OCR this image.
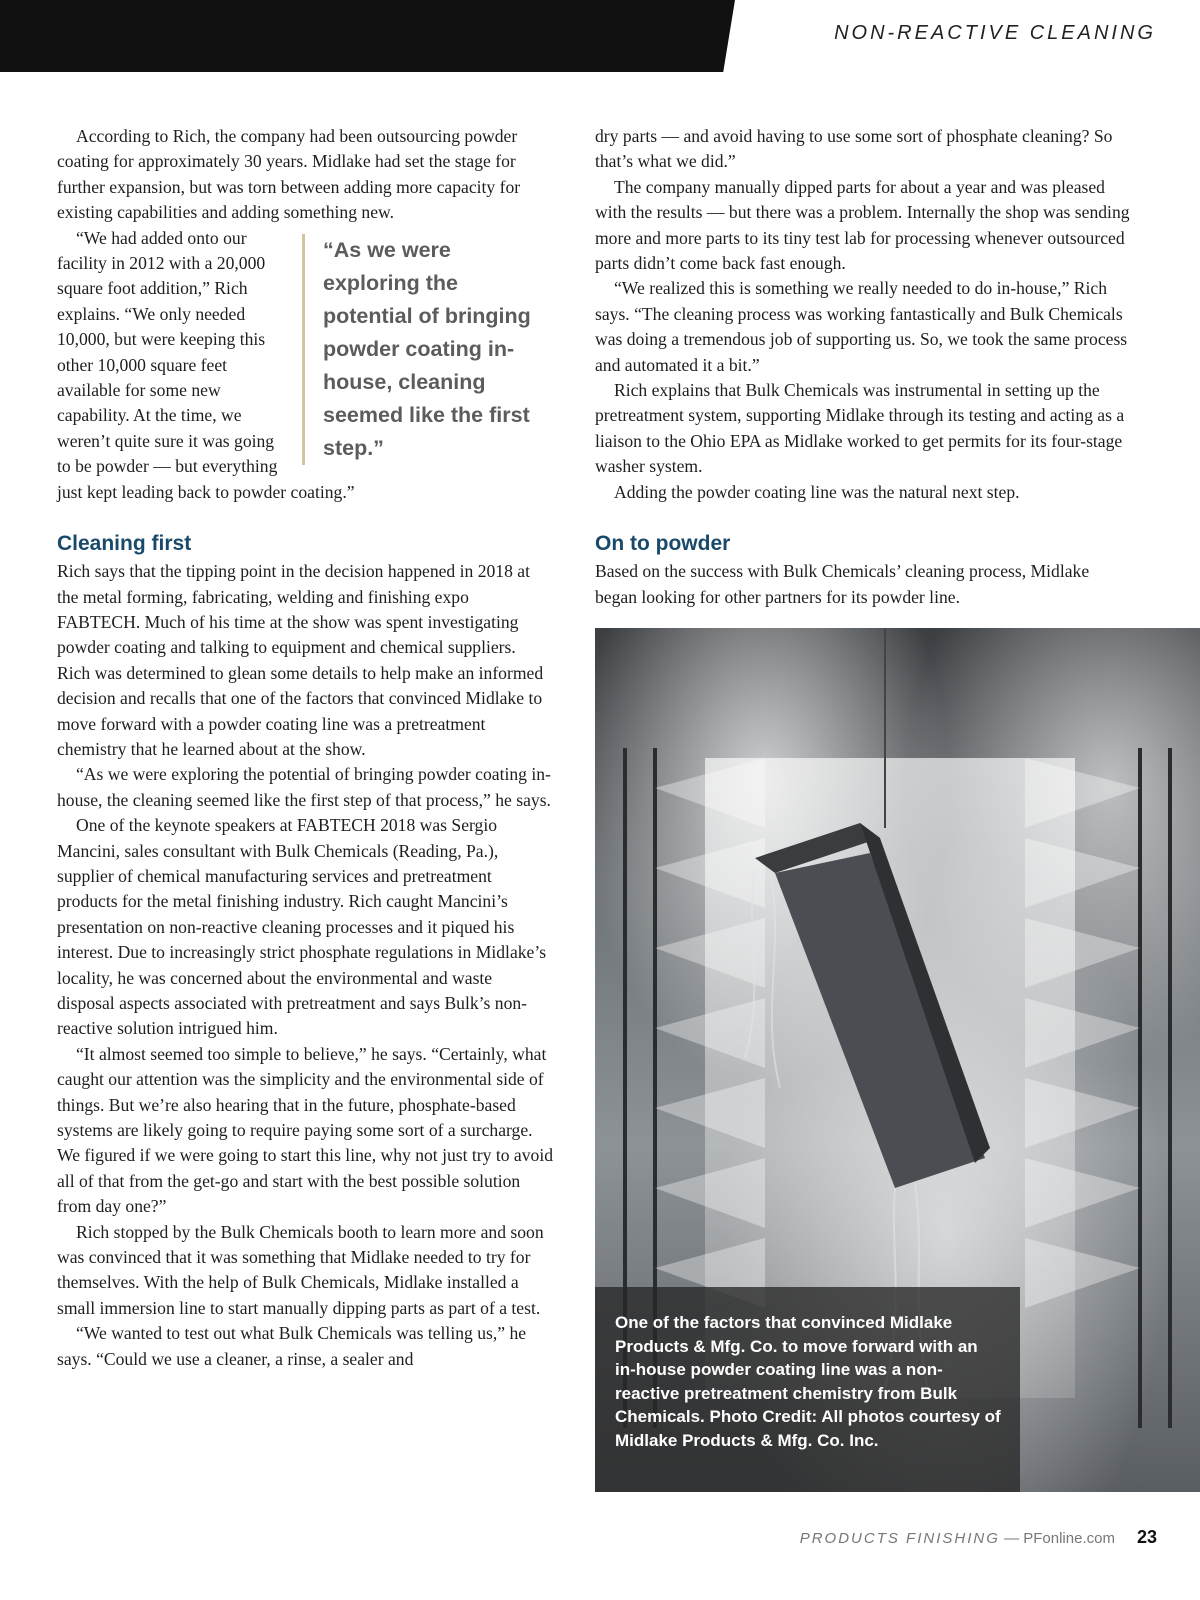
NON-REACTIVE CLEANING

According to Rich, the company had been outsourcing powder coating for approximately 30 years. Midlake had set the stage for further expansion, but was torn between adding more capacity for existing capabilities and adding something new.

“As we were exploring the potential of bringing powder coating in-house, cleaning seemed like the first step.”

“We had added onto our facility in 2012 with a 20,000 square foot addition,” Rich explains. “We only needed 10,000, but were keeping this other 10,000 square feet available for some new capability. At the time, we weren’t quite sure it was going to be powder — but everything just kept leading back to powder coating.”

Cleaning first

Rich says that the tipping point in the decision happened in 2018 at the metal forming, fabricating, welding and finishing expo FABTECH. Much of his time at the show was spent investigating powder coating and talking to equipment and chemical suppliers. Rich was determined to glean some details to help make an informed decision and recalls that one of the factors that convinced Midlake to move forward with a powder coating line was a pretreatment chemistry that he learned about at the show.

“As we were exploring the potential of bringing powder coating in-house, the cleaning seemed like the first step of that process,” he says.

One of the keynote speakers at FABTECH 2018 was Sergio Mancini, sales consultant with Bulk Chemicals (Reading, Pa.), supplier of chemical manufacturing services and pretreatment products for the metal finishing industry. Rich caught Mancini’s presentation on non-reactive cleaning processes and it piqued his interest. Due to increasingly strict phosphate regulations in Midlake’s locality, he was concerned about the environmental and waste disposal aspects associated with pretreatment and says Bulk’s non-reactive solution intrigued him.

“It almost seemed too simple to believe,” he says. “Certainly, what caught our attention was the simplicity and the environmental side of things. But we’re also hearing that in the future, phosphate-based systems are likely going to require paying some sort of a surcharge. We figured if we were going to start this line, why not just try to avoid all of that from the get-go and start with the best possible solution from day one?”

Rich stopped by the Bulk Chemicals booth to learn more and soon was convinced that it was something that Midlake needed to try for themselves. With the help of Bulk Chemicals, Midlake installed a small immersion line to start manually dipping parts as part of a test.

“We wanted to test out what Bulk Chemicals was telling us,” he says. “Could we use a cleaner, a rinse, a sealer and

dry parts — and avoid having to use some sort of phosphate cleaning? So that’s what we did.”

The company manually dipped parts for about a year and was pleased with the results — but there was a problem. Internally the shop was sending more and more parts to its tiny test lab for processing whenever outsourced parts didn’t come back fast enough.

“We realized this is something we really needed to do in-house,” Rich says. “The cleaning process was working fantastically and Bulk Chemicals was doing a tremendous job of supporting us. So, we took the same process and automated it a bit.”

Rich explains that Bulk Chemicals was instrumental in setting up the pretreatment system, supporting Midlake through its testing and acting as a liaison to the Ohio EPA as Midlake worked to get permits for its four-stage washer system.

Adding the powder coating line was the natural next step.

On to powder

Based on the success with Bulk Chemicals’ cleaning process, Midlake began looking for other partners for its powder line.

One of the factors that convinced Midlake Products & Mfg. Co. to move forward with an in-house powder coating line was a non-reactive pretreatment chemistry from Bulk Chemicals. Photo Credit: All photos courtesy of Midlake Products & Mfg. Co. Inc.
PRODUCTS FINISHING — PFonline.com 23
